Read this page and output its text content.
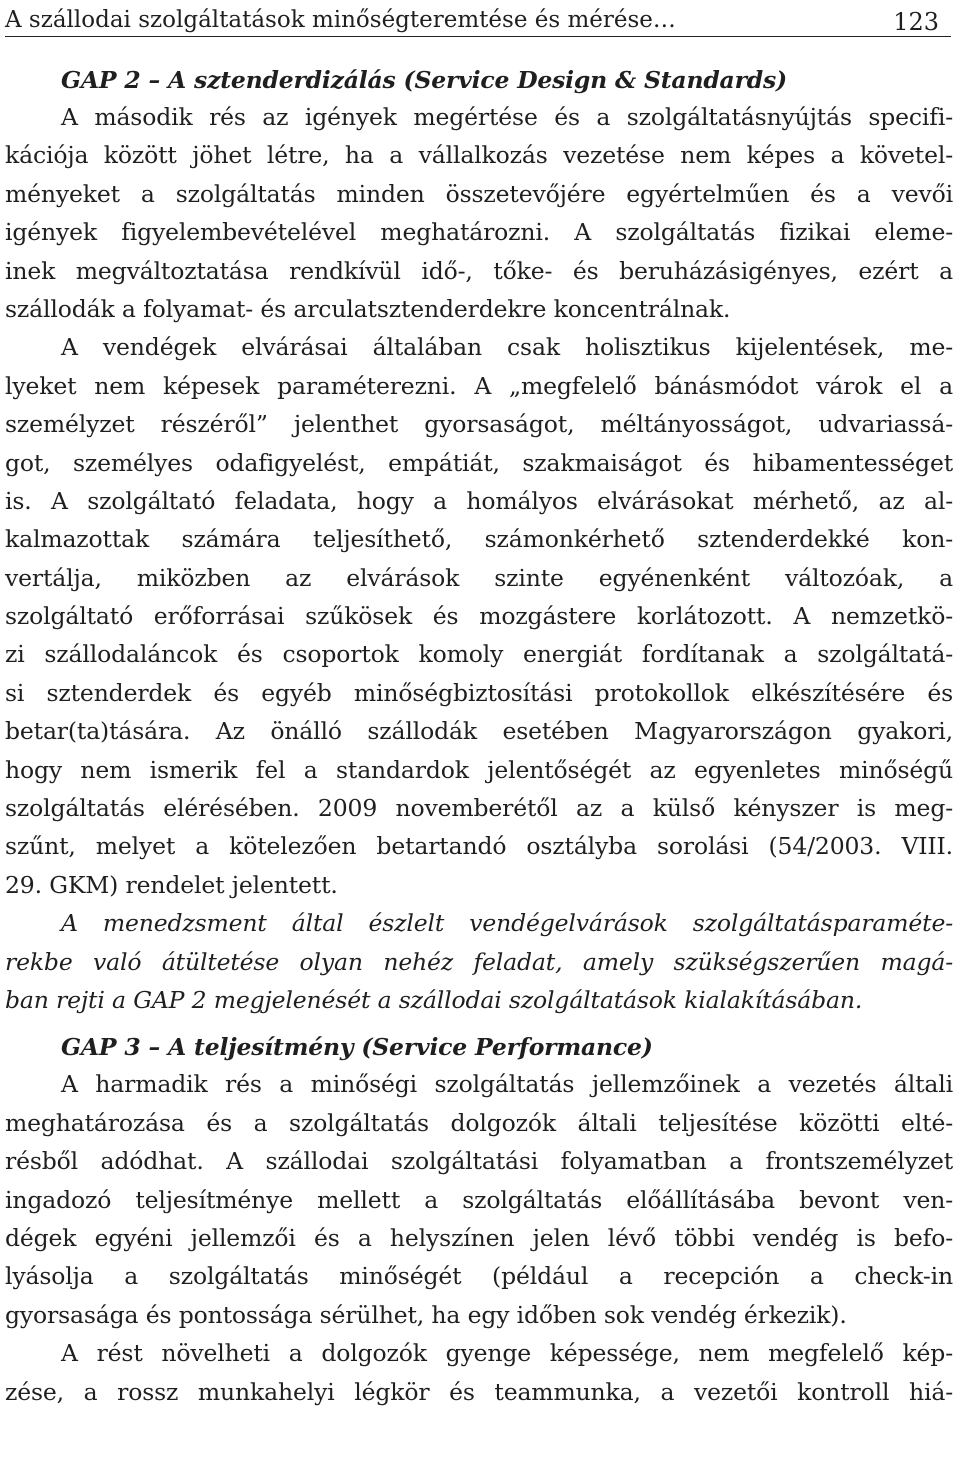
A szállodai szolgáltatások minőségteremtése és mérése…	123
GAP 2 – A sztenderdizálás (Service Design & Standards)
A második rés az igények megértése és a szolgáltatásnyújtás specifi-
kációja között jöhet létre, ha a vállalkozás vezetése nem képes a követel-
ményeket a szolgáltatás minden összetevőjére egyértelműen és a vevői
igények figyelembevételével meghatározni. A szolgáltatás fizikai eleme-
inek megváltoztatása rendkívül idő-, tőke- és beruházásigényes, ezért a
szállodák a folyamat- és arculatsztenderdekre koncentrálnak.
A vendégek elvárásai általában csak holisztikus kijelentések, me-
lyeket nem képesek paraméterezni. A „megfelelő bánásmódot várok el a
személyzet részéről” jelenthet gyorsaságot, méltányosságot, udvariassá-
got, személyes odafigyelést, empátiát, szakmaiságot és hibamentességet
is. A szolgáltató feladata, hogy a homályos elvárásokat mérhető, az al-
kalmazottak számára teljesíthető, számonkérhető sztenderdekké kon-
vertálja, miközben az elvárások szinte egyénenként változóak, a
szolgáltató erőforrásai szűkösek és mozgástere korlátozott. A nemzetkö-
zi szállodaláncok és csoportok komoly energiát fordítanak a szolgáltatá-
si sztenderdek és egyéb minőségbiztosítási protokollok elkészítésére és
betar(ta)tására. Az önálló szállodák esetében Magyarországon gyakori,
hogy nem ismerik fel a standardok jelentőségét az egyenletes minőségű
szolgáltatás elérésében. 2009 novemberétől az a külső kényszer is meg-
szűnt, melyet a kötelezően betartandó osztályba sorolási (54/2003. VIII.
29. GKM) rendelet jelentett.
A menedzsment által észlelt vendégelvárások szolgáltatásparaméte-
rekbe való átültetése olyan nehéz feladat, amely szükségszerűen magá-
ban rejti a GAP 2 megjelenését a szállodai szolgáltatások kialakításában.
GAP 3 – A teljesítmény (Service Performance)
A harmadik rés a minőségi szolgáltatás jellemzőinek a vezetés általi
meghatározása és a szolgáltatás dolgozók általi teljesítése közötti elté-
résből adódhat. A szállodai szolgáltatási folyamatban a frontszemélyzet
ingadozó teljesítménye mellett a szolgáltatás előállításába bevont ven-
dégek egyéni jellemzői és a helyszínen jelen lévő többi vendég is befo-
lyásolja a szolgáltatás minőségét (például a recepción a check-in
gyorsasága és pontossága sérülhet, ha egy időben sok vendég érkezik).
A rést növelheti a dolgozók gyenge képessége, nem megfelelő kép-
zése, a rossz munkahelyi légkör és teammunka, a vezetői kontroll hiá-
